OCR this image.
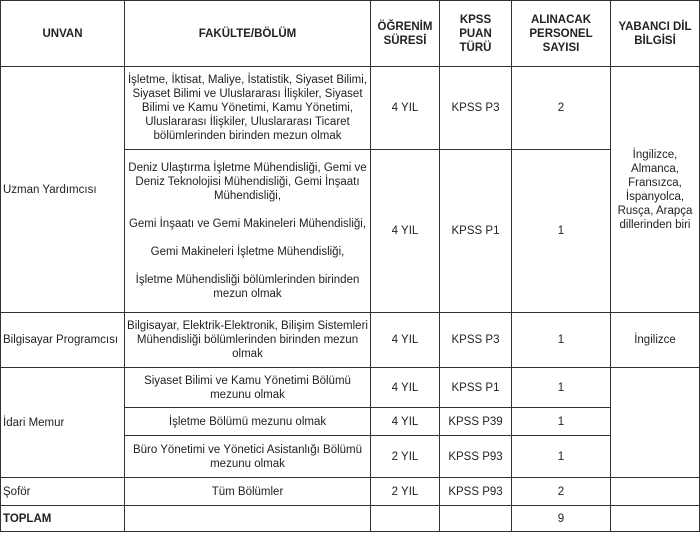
UNVAN	FAKÜLTE/BÖLÜM	ÖĞRENİM SÜRESİ	KPSS PUAN TÜRÜ	ALINACAK PERSONEL SAYISI	YABANCI DİL BİLGİSİ
Uzman Yardımcısı	İşletme, İktisat, Maliye, İstatistik, Siyaset Bilimi, Siyaset Bilimi ve Uluslararası İlişkiler, Siyaset Bilimi ve Kamu Yönetimi, Kamu Yönetimi, Uluslararası İlişkiler, Uluslararası Ticaret bölümlerinden birinden mezun olmak	4 YIL	KPSS P3	2	İngilizce, Almanca, Fransızca, İspanyolca, Rusça, Arapça dillerinden biri

	Deniz Ulaştırma İşletme Mühendisliği, Gemi ve Deniz Teknolojisi Mühendisliği, Gemi İnşaatı Mühendisliği,
Gemi İnşaatı ve Gemi Makineleri Mühendisliği,
Gemi Makineleri İşletme Mühendisliği,
İşletme Mühendisliği bölümlerinden birinden mezun olmak	4 YIL	KPSS P1	1	
Bilgisayar Programcısı	Bilgisayar, Elektrik-Elektronik, Bilişim Sistemleri Mühendisliği bölümlerinden birinden mezun olmak	4 YIL	KPSS P3	1	İngilizce
İdari Memur	Siyaset Bilimi ve Kamu Yönetimi Bölümü mezunu olmak	4 YIL	KPSS P1	1	
	İşletme Bölümü mezunu olmak	4 YIL	KPSS P39	1	
	Büro Yönetimi ve Yönetici Asistanlığı Bölümü mezunu olmak	2 YIL	KPSS P93	1	
Şoför	Tüm Bölümler	2 YIL	KPSS P93	2	
TOPLAM				9	
